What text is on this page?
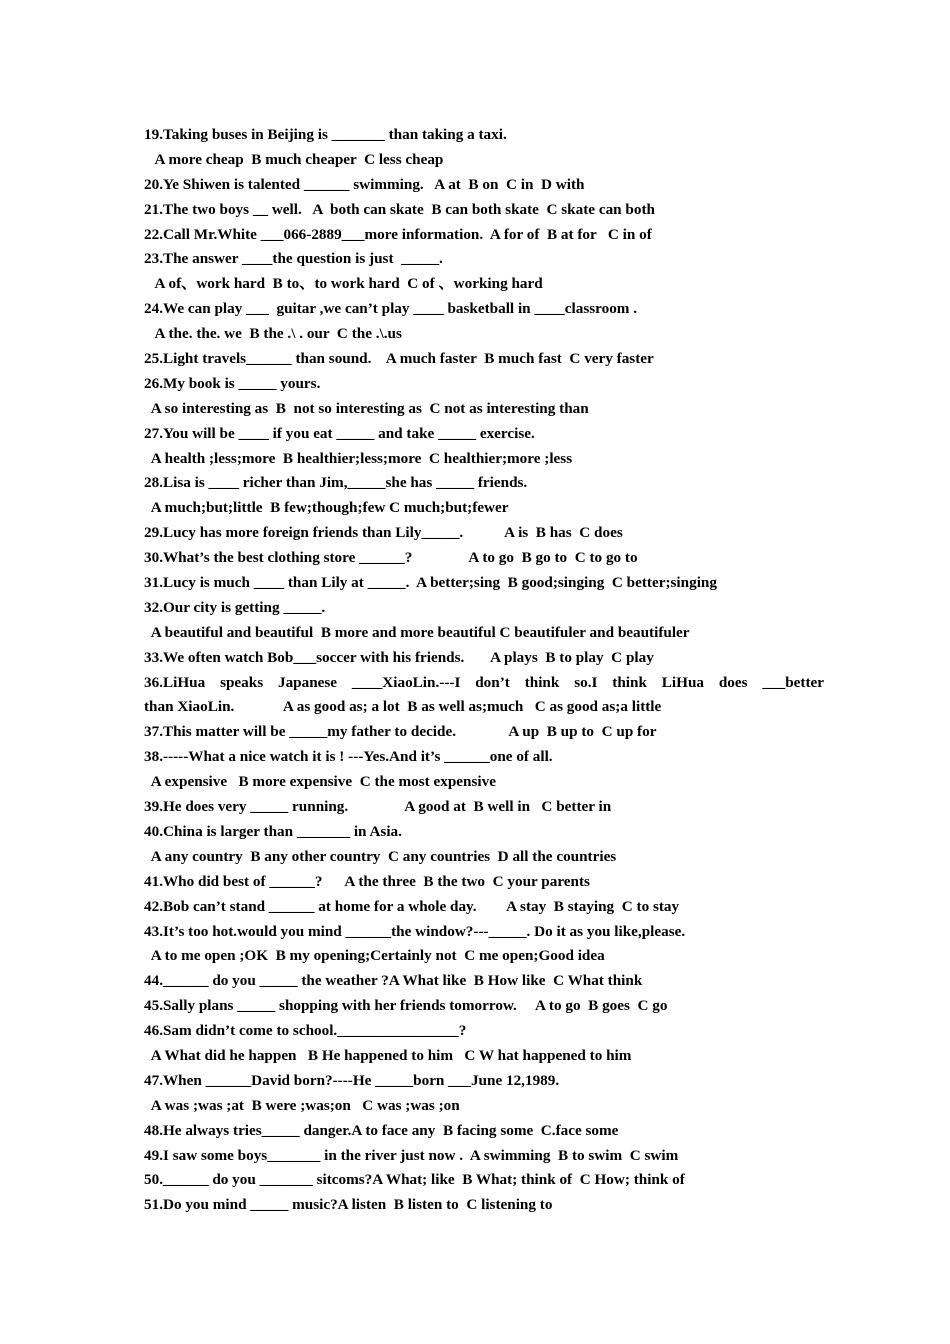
19.Taking buses in Beijing is _______ than taking a taxi.
A more cheap  B much cheaper  C less cheap
20.Ye Shiwen is talented ______ swimming.   A at  B on  C in  D with
21.The two boys __ well.   A  both can skate  B can both skate  C skate can both
22.Call Mr.White ___066-2889___more information.  A for of  B at for   C in of
23.The answer ____the question is just  _____.
A of、work hard  B to、to work hard  C of 、working hard
24.We can play ___  guitar ,we can’t play ____ basketball in ____classroom .
A the. the. we  B the .\ . our  C the .\.us
25.Light travels______ than sound.    A much faster  B much fast  C very faster
26.My book is _____ yours.
A so interesting as  B  not so interesting as  C not as interesting than
27.You will be ____ if you eat _____ and take _____ exercise.
A health ;less;more  B healthier;less;more  C healthier;more ;less
28.Lisa is ____ richer than Jim,_____she has _____ friends.
A much;but;little  B few;though;few C much;but;fewer
29.Lucy has more foreign friends than Lily_____.           A is  B has  C does
30.What’s the best clothing store ______?               A to go  B go to  C to go to
31.Lucy is much ____ than Lily at _____.  A better;sing  B good;singing  C better;singing
32.Our city is getting _____.
A beautiful and beautiful  B more and more beautiful C beautifuler and beautifuler
33.We often watch Bob___soccer with his friends.       A plays  B to play  C play
36.LiHua speaks Japanese ____XiaoLin.---I don’t think so.I think LiHua does ___better
than XiaoLin.             A as good as; a lot  B as well as;much   C as good as;a little
37.This matter will be _____my father to decide.              A up  B up to  C up for
38.-----What a nice watch it is ! ---Yes.And it’s ______one of all.
A expensive   B more expensive  C the most expensive
39.He does very _____ running.               A good at  B well in   C better in
40.China is larger than _______ in Asia.
A any country  B any other country  C any countries  D all the countries
41.Who did best of ______?      A the three  B the two  C your parents
42.Bob can’t stand ______ at home for a whole day.        A stay  B staying  C to stay
43.It’s too hot.would you mind ______the window?---_____. Do it as you like,please.
A to me open ;OK  B my opening;Certainly not  C me open;Good idea
44.______ do you _____ the weather ?A What like  B How like  C What think
45.Sally plans _____ shopping with her friends tomorrow.     A to go  B goes  C go
46.Sam didn’t come to school.________________?
A What did he happen   B He happened to him   C W hat happened to him
47.When ______David born?----He _____born ___June 12,1989.
A was ;was ;at  B were ;was;on   C was ;was ;on
48.He always tries_____ danger.A to face any  B facing some  C.face some
49.I saw some boys_______ in the river just now .  A swimming  B to swim  C swim
50.______ do you _______ sitcoms?A What; like  B What; think of  C How; think of
51.Do you mind _____ music?A listen  B listen to  C listening to
